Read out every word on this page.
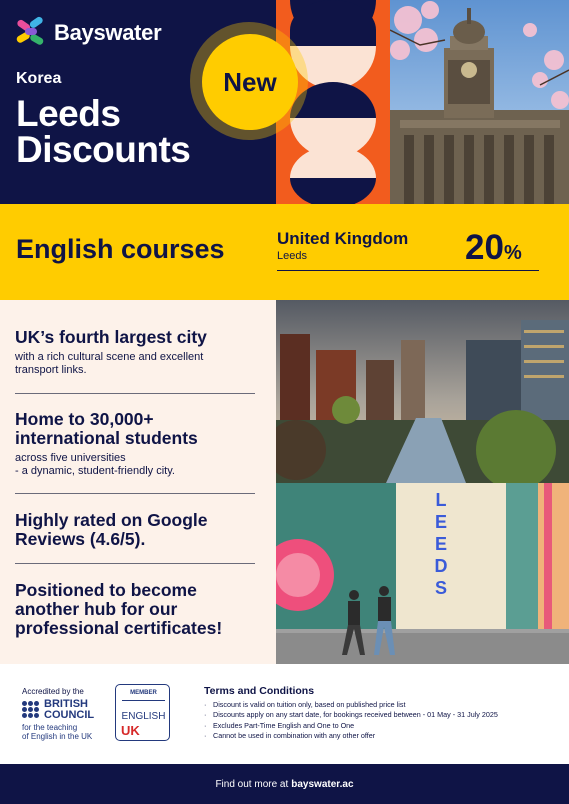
Bayswater
Korea
Leeds
Discounts
New
English courses	United Kingdom
Leeds	20%
UK’s fourth largest city

with a rich cultural scene and excellent
transport links.

Home to 30,000+
international students

across five universities
- a dynamic, student-friendly city.

Highly rated on Google
Reviews (4.6/5).
Positioned to become
another hub for our
professional certificates!
L
E
E
D
S
Accredited by the
BRITISH
COUNCIL
for the teaching
of English in the UK
MEMBER
ENGLISH
UK
Terms and Conditions
· Discount is valid on tuition only, based on published price list
· Discounts apply on any start date, for bookings received between - 01 May - 31 July 2025
· Excludes Part-Time English and One to One
· Cannot be used in combination with any other offer
Find out more at bayswater.ac
